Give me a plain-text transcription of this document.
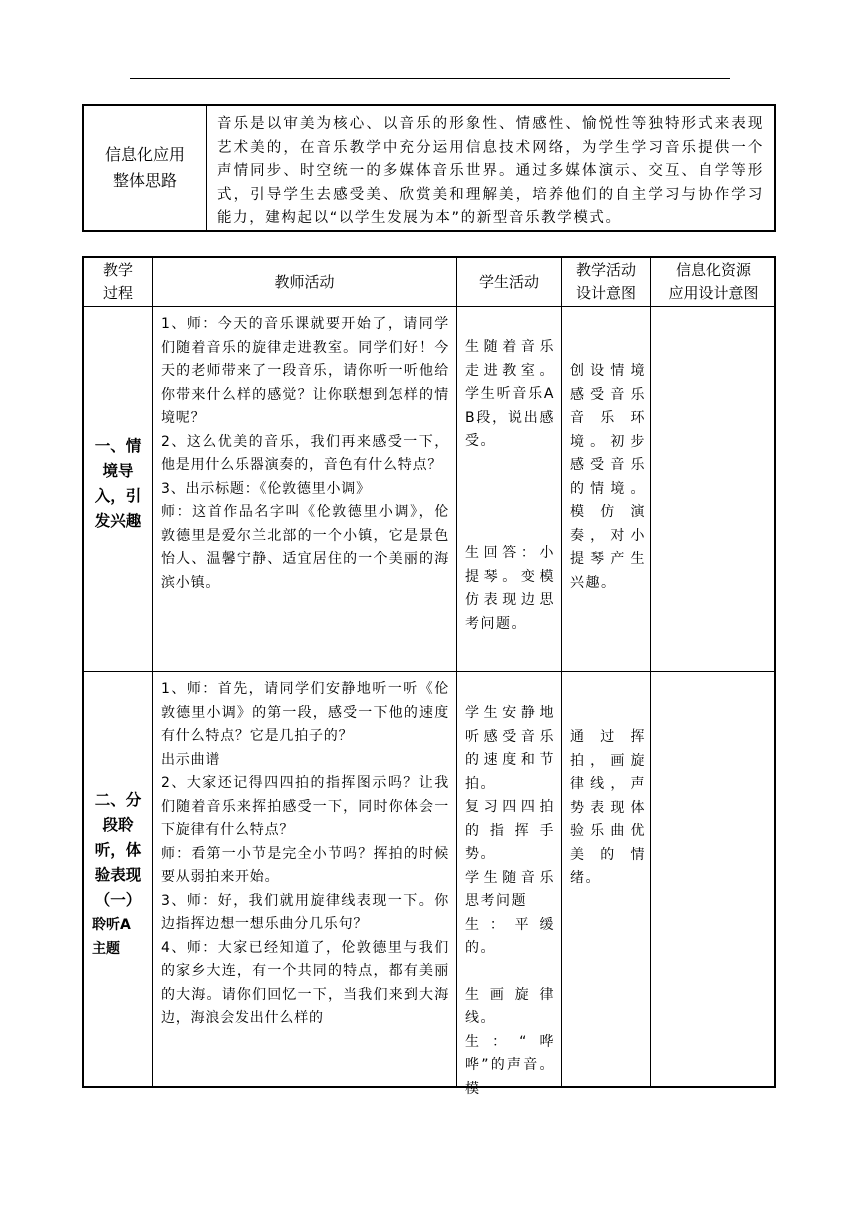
信息化应用
整体思路
音乐是以审美为核心、以音乐的形象性、情感性、愉悦性等独特形式来表现艺术美的，在音乐教学中充分运用信息技术网络，为学生学习音乐提供一个声情同步、时空统一的多媒体音乐世界。通过多媒体演示、交互、自学等形式，引导学生去感受美、欣赏美和理解美，培养他们的自主学习与协作学习能力，建构起以“以学生发展为本”的新型音乐教学模式。
教学
过程
教师活动	学生活动
教学活动
设计意图
信息化资源
应用设计意图
一、情
境导
入，引
发兴趣

1、师：今天的音乐课就要开始了，请同学们随着音乐的旋律走进教室。同学们好！今天的老师带来了一段音乐，请你听一听他给你带来什么样的感觉？让你联想到怎样的情境呢？

2、这么优美的音乐，我们再来感受一下，他是用什么乐器演奏的，音色有什么特点？

3、出示标题：《伦敦德里小调》

师：这首作品名字叫《伦敦德里小调》，伦敦德里是爱尔兰北部的一个小镇，它是景色怡人、温馨宁静、适宜居住的一个美丽的海滨小镇。

生随着音乐走进教室。学生听音乐A B段，说出感受。
生回答：小提琴。变模仿表现边思考问题。
创设情境感受音乐音乐环境。初步感受音乐的情境。模仿演奏，对小提琴产生兴趣。
二、分
段聆
听，体
验表现
（一）
聆听A
主题

1、师：首先，请同学们安静地听一听《伦敦德里小调》的第一段，感受一下他的速度有什么特点？它是几拍子的？

出示曲谱

2、大家还记得四四拍的指挥图示吗？让我们随着音乐来挥拍感受一下，同时你体会一下旋律有什么特点？

师：看第一小节是完全小节吗？挥拍的时候要从弱拍来开始。

3、师：好，我们就用旋律线表现一下。你边指挥边想一想乐曲分几乐句？

4、师：大家已经知道了，伦敦德里与我们的家乡大连，有一个共同的特点，都有美丽的大海。请你们回忆一下，当我们来到大海边，海浪会发出什么样的

学生安静地听感受音乐的速度和节拍。

复习四四拍的指挥手势。

学生随音乐思考问题

生：平缓的。

生画旋律线。

生：“哗哗”的声音。模

通过挥拍，画旋律线，声势表现体验乐曲优美的情绪。
